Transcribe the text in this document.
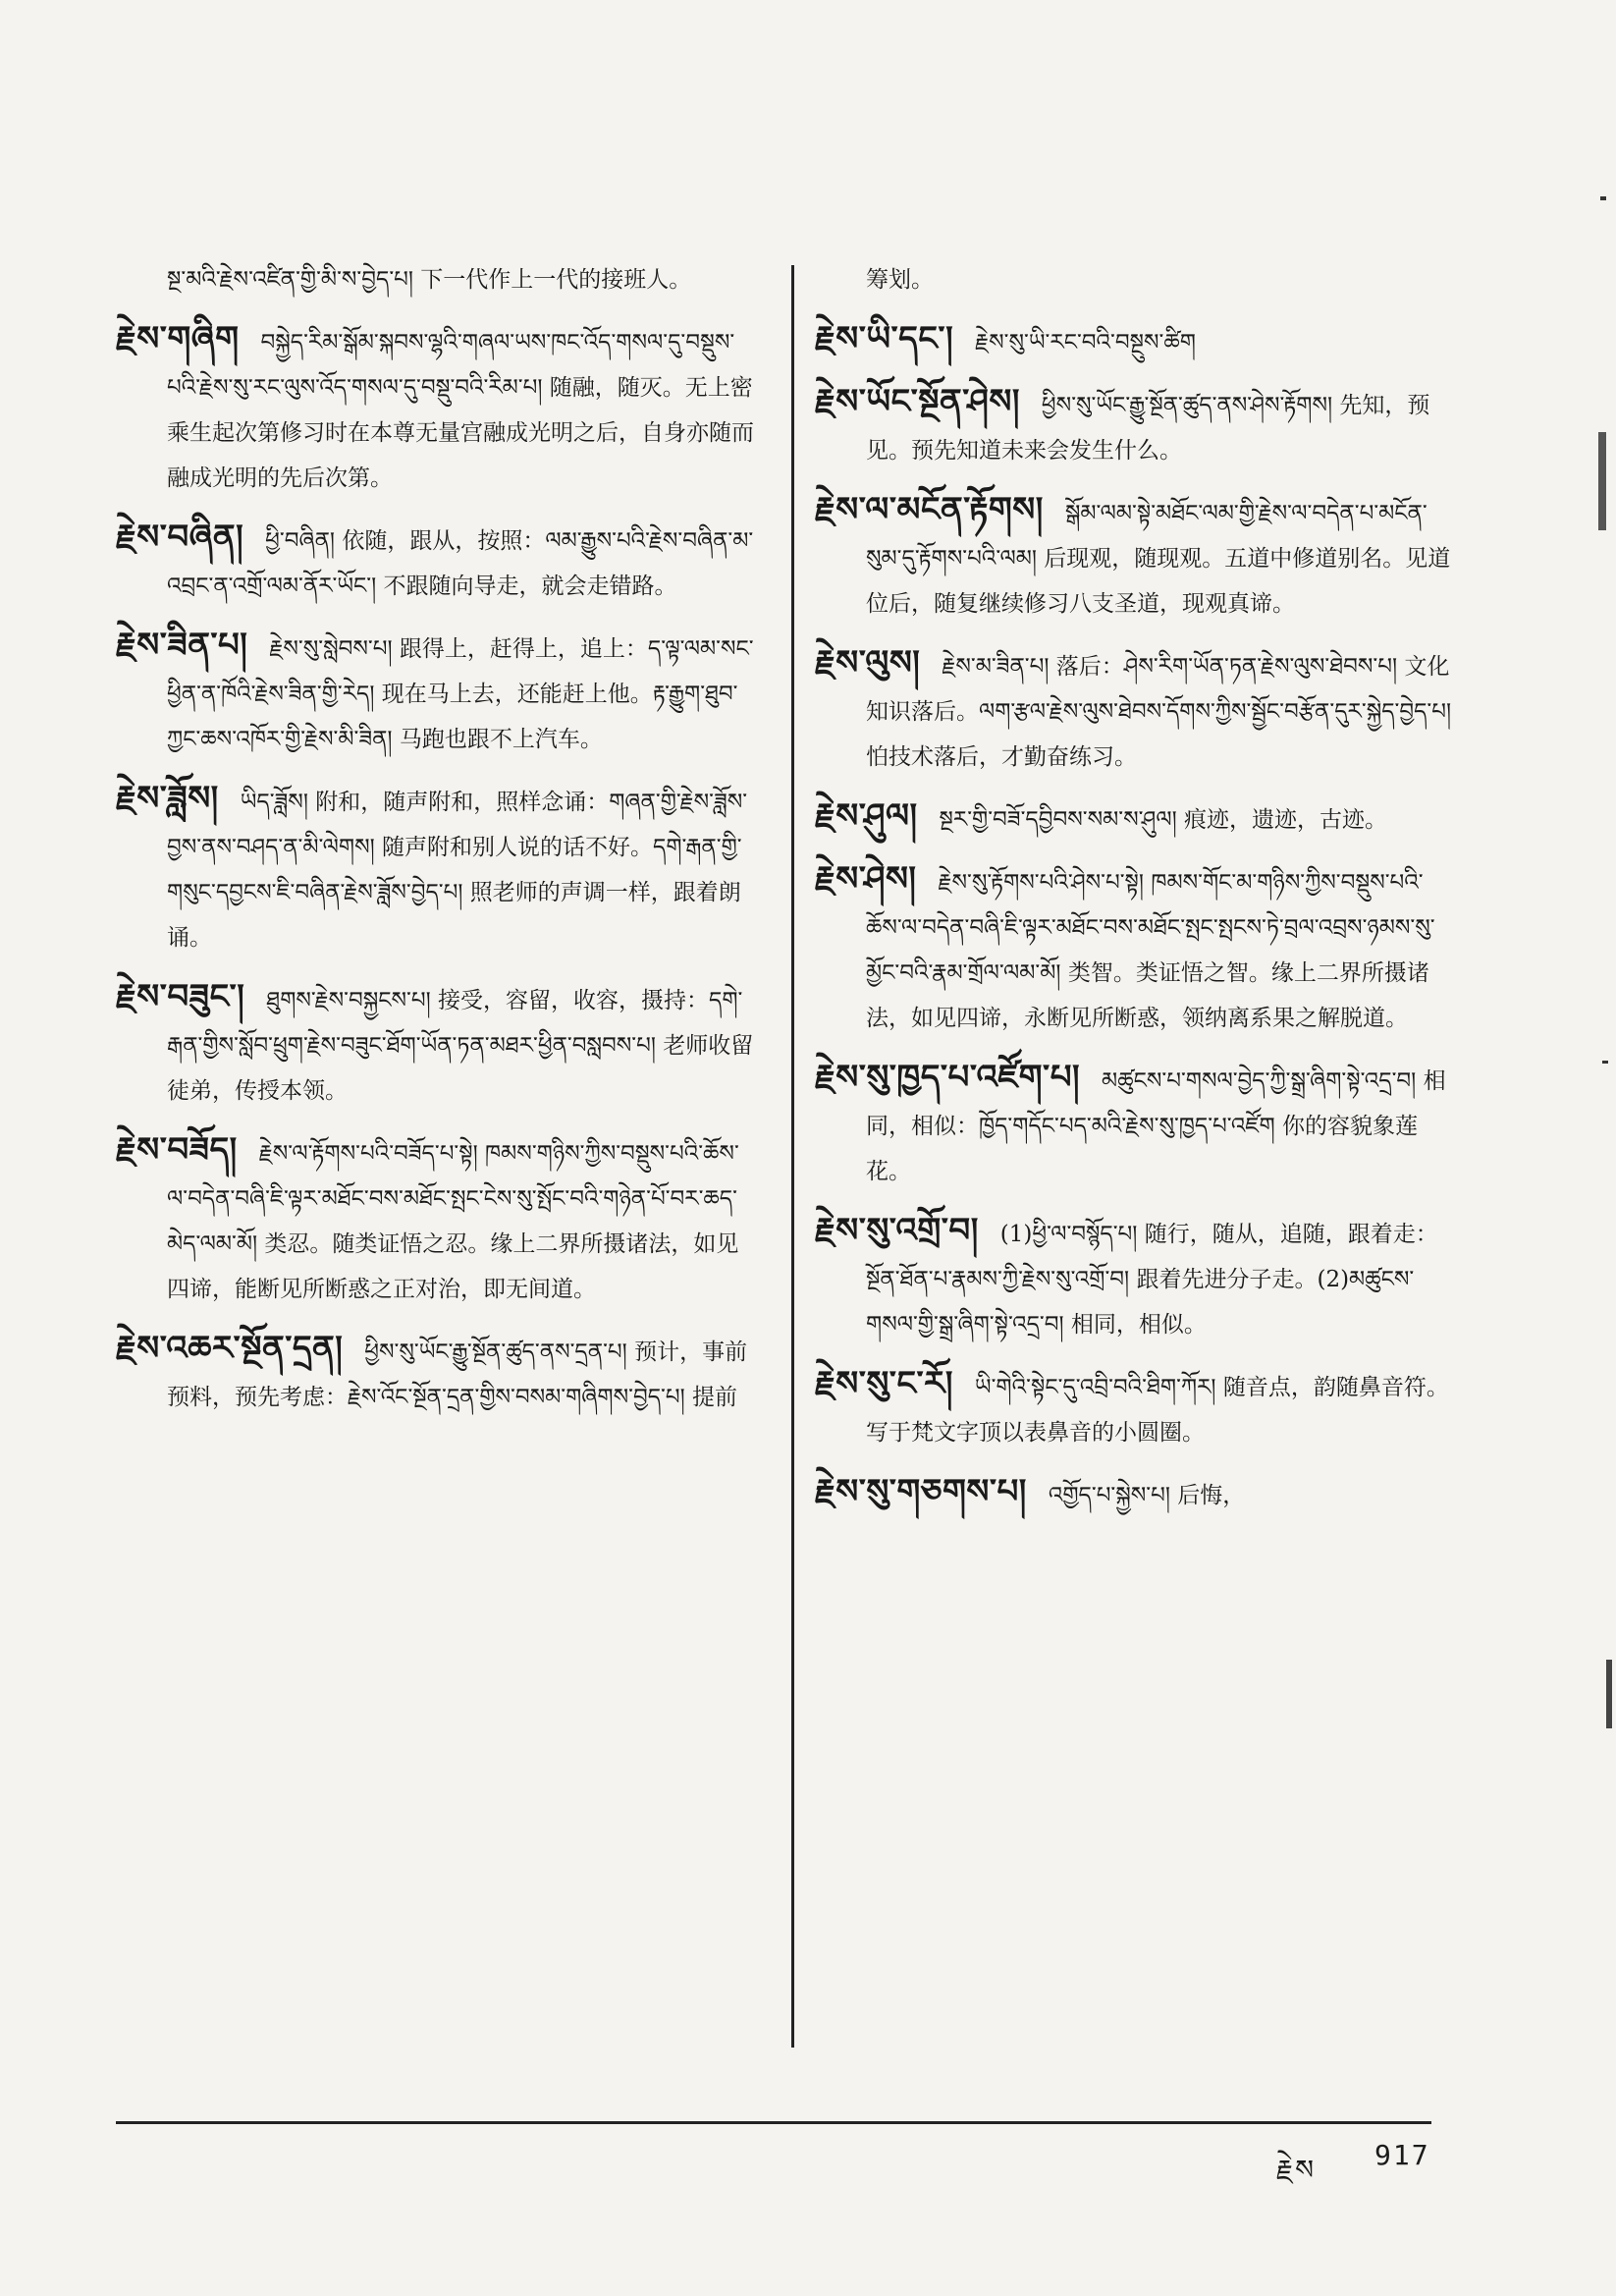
སྔ་མའི་རྗེས་འཛིན་གྱི་མི་ས་བྱེད་པ། 下一代作上一代的接班人。
རྗེས་གཞིག བསྐྱེད་རིམ་སྒོམ་སྐབས་ལྷའི་གཞལ་ཡས་ཁང་འོད་གསལ་དུ་བསྡུས་པའི་རྗེས་སུ་རང་ལུས་འོད་གསལ་དུ་བསྡུ་བའི་རིམ་པ། 随融，随灭。无上密乘生起次第修习时在本尊无量宫融成光明之后，自身亦随而融成光明的先后次第。
རྗེས་བཞིན། ཕྱི་བཞིན། 依随，跟从，按照：ལམ་རྒྱུས་པའི་རྗེས་བཞིན་མ་འབྲང་ན་འགྲོ་ལམ་ནོར་ཡོང་། 不跟随向导走，就会走错路。
རྗེས་ཟིན་པ། རྗེས་སུ་སླེབས་པ། 跟得上，赶得上，追上：ད་ལྟ་ལམ་སང་ཕྱིན་ན་ཁོའི་རྗེས་ཟིན་གྱི་རེད། 现在马上去，还能赶上他。རྟ་རྒྱུག་ཐུབ་ཀྱང་ཆས་འཁོར་གྱི་རྗེས་མི་ཟིན། 马跑也跟不上汽车。
རྗེས་ཟློས། ཡིད་ཟློས། 附和，随声附和，照样念诵：གཞན་གྱི་རྗེས་ཟློས་བྱས་ནས་བཤད་ན་མི་ལེགས། 随声附和别人说的话不好。དགེ་རྒན་གྱི་གསུང་དབྱངས་ཇི་བཞིན་རྗེས་ཟློས་བྱེད་པ། 照老师的声调一样，跟着朗诵。
རྗེས་བཟུང་། ཐུགས་རྗེས་བསྐྱངས་པ། 接受，容留，收容，摄持：དགེ་རྒན་གྱིས་སློབ་ཕྲུག་རྗེས་བཟུང་ཐོག་ཡོན་ཏན་མཐར་ཕྱིན་བསླབས་པ། 老师收留徒弟，传授本领。
རྗེས་བཟོད། རྗེས་ལ་རྟོགས་པའི་བཟོད་པ་སྟེ། ཁམས་གཉིས་ཀྱིས་བསྡུས་པའི་ཆོས་ལ་བདེན་བཞི་ཇི་ལྟར་མཐོང་བས་མཐོང་སྤང་ངེས་སུ་སྤོང་བའི་གཉེན་པོ་བར་ཆད་མེད་ལམ་མོ། 类忍。随类证悟之忍。缘上二界所摄诸法，如见四谛，能断见所断惑之正对治，即无间道。
རྗེས་འཆར་སྔོན་དྲན། ཕྱིས་སུ་ཡོང་རྒྱུ་སྔོན་ཚུད་ནས་དྲན་པ། 预计，事前预料，预先考虑：རྗེས་འོང་སྔོན་དྲན་གྱིས་བསམ་གཞིགས་བྱེད་པ། 提前
筹划。
རྗེས་ཡི་དང་། རྗེས་སུ་ཡི་རང་བའི་བསྔུས་ཚིག
རྗེས་ཡོང་སྔོན་ཤེས། ཕྱིས་སུ་ཡོང་རྒྱུ་སྔོན་ཚུད་ནས་ཤེས་རྟོགས། 先知，预见。预先知道未来会发生什么。
རྗེས་ལ་མངོན་རྟོགས། སྒོམ་ལམ་སྟེ་མཐོང་ལམ་གྱི་རྗེས་ལ་བདེན་པ་མངོན་སུམ་དུ་རྟོགས་པའི་ལམ། 后现观，随现观。五道中修道别名。见道位后，随复继续修习八支圣道，现观真谛。
རྗེས་ལུས། རྗེས་མ་ཟིན་པ། 落后：ཤེས་རིག་ཡོན་ཏན་རྗེས་ལུས་ཐེབས་པ། 文化知识落后。ལག་རྩལ་རྗེས་ལུས་ཐེབས་དོགས་ཀྱིས་སྦྱོང་བརྩོན་དུར་སྐྱེད་བྱེད་པ། 怕技术落后，才勤奋练习。
རྗེས་ཤུལ། སྔར་གྱི་བཟོ་དབྱིབས་སམ་ས་ཤུལ། 痕迹，遗迹，古迹。
རྗེས་ཤེས། རྗེས་སུ་རྟོགས་པའི་ཤེས་པ་སྟེ། ཁམས་གོང་མ་གཉིས་ཀྱིས་བསྡུས་པའི་ཆོས་ལ་བདེན་བཞི་ཇི་ལྟར་མཐོང་བས་མཐོང་སྤང་སྤངས་ཏེ་བྲལ་འབྲས་ཉམས་སུ་མྱོང་བའི་རྣམ་གྲོལ་ལམ་མོ། 类智。类证悟之智。缘上二界所摄诸法，如见四谛，永断见所断惑，领纳离系果之解脱道。
རྗེས་སུ་ཁྱད་པ་འཛོག་པ། མཚུངས་པ་གསལ་བྱེད་ཀྱི་སྒྲ་ཞིག་སྟེ་འདྲ་བ། 相同，相似：ཁྱོད་གདོང་པད་མའི་རྗེས་སུ་ཁྱད་པ་འཛོག 你的容貌象莲花。
རྗེས་སུ་འགྲོ་བ། (1)ཕྱི་ལ་བསྙོད་པ། 随行，随从，追随，跟着走：སྔོན་ཐོན་པ་རྣམས་ཀྱི་རྗེས་སུ་འགྲོ་བ། 跟着先进分子走。(2)མཚུངས་གསལ་གྱི་སྒྲ་ཞིག་སྟེ་འདྲ་བ། 相同，相似。
རྗེས་སུ་ང་རོ། ཡི་གེའི་སྟེང་དུ་འབྲི་བའི་ཐིག་ཀོར། 随音点，韵随鼻音符。写于梵文字顶以表鼻音的小圆圈。
རྗེས་སུ་གཅགས་པ། འགྱོད་པ་སྐྱེས་པ། 后悔，
རྗེས 917
